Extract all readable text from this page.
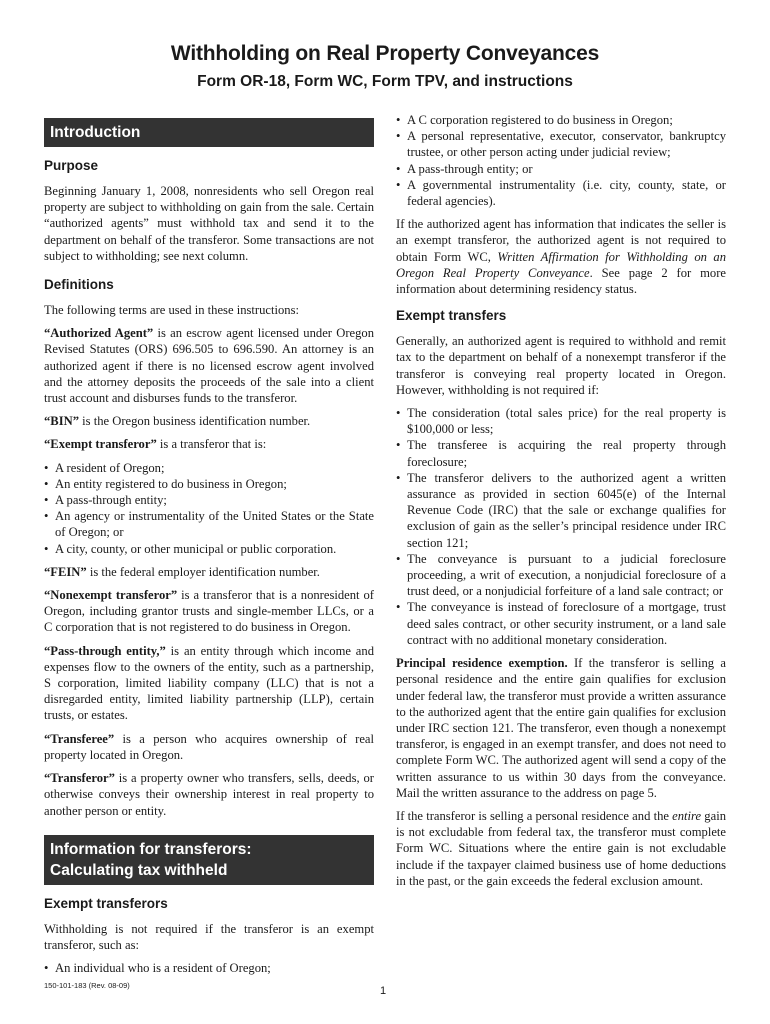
Withholding on Real Property Conveyances
Form OR-18, Form WC, Form TPV, and instructions
Introduction
Purpose

Beginning January 1, 2008, nonresidents who sell Oregon real property are subject to withholding on gain from the sale. Certain “authorized agents” must withhold tax and send it to the department on behalf of the transferor. Some transactions are not subject to withholding; see next column.

Definitions

The following terms are used in these instructions:

“Authorized Agent” is an escrow agent licensed under Oregon Revised Statutes (ORS) 696.505 to 696.590. An attorney is an authorized agent if there is no licensed escrow agent involved and the attorney deposits the proceeds of the sale into a client trust account and disburses funds to the transferor.

“BIN” is the Oregon business identification number.

“Exempt transferor” is a transferor that is:

• A resident of Oregon;
• An entity registered to do business in Oregon;
• A pass-through entity;
• An agency or instrumentality of the United States or the State of Oregon; or
• A city, county, or other municipal or public corporation.

“FEIN” is the federal employer identification number.

“Nonexempt transferor” is a transferor that is a nonresident of Oregon, including grantor trusts and single-member LLCs, or a C corporation that is not registered to do business in Oregon.

“Pass-through entity,” is an entity through which income and expenses flow to the owners of the entity, such as a partnership, S corporation, limited liability company (LLC) that is not a disregarded entity, limited liability partnership (LLP), certain trusts, or estates.

“Transferee” is a person who acquires ownership of real property located in Oregon.

“Transferor” is a property owner who transfers, sells, deeds, or otherwise conveys their ownership interest in real property to another person or entity.

Information for transferors:
Calculating tax withheld
Exempt transferors

Withholding is not required if the transferor is an exempt transferor, such as:

• An individual who is a resident of Oregon;
• A C corporation registered to do business in Oregon;
• A personal representative, executor, conservator, bankruptcy trustee, or other person acting under judicial review;
• A pass-through entity; or
• A governmental instrumentality (i.e. city, county, state, or federal agencies).

If the authorized agent has information that indicates the seller is an exempt transferor, the authorized agent is not required to obtain Form WC, Written Affirmation for Withholding on an Oregon Real Property Conveyance. See page 2 for more information about determining residency status.

Exempt transfers

Generally, an authorized agent is required to withhold and remit tax to the department on behalf of a nonexempt transferor if the transferor is conveying real property located in Oregon. However, withholding is not required if:

• The consideration (total sales price) for the real property is $100,000 or less;
• The transferee is acquiring the real property through foreclosure;
• The transferor delivers to the authorized agent a written assurance as provided in section 6045(e) of the Internal Revenue Code (IRC) that the sale or exchange qualifies for exclusion of gain as the seller’s principal residence under IRC section 121;
• The conveyance is pursuant to a judicial foreclosure proceeding, a writ of execution, a nonjudicial foreclosure of a trust deed, or a nonjudicial forfeiture of a land sale contract; or
• The conveyance is instead of foreclosure of a mortgage, trust deed sales contract, or other security instrument, or a land sale contract with no additional monetary consideration.

Principal residence exemption. If the transferor is selling a personal residence and the entire gain qualifies for exclusion under federal law, the transferor must provide a written assurance to the authorized agent that the entire gain qualifies for exclusion under IRC section 121. The transferor, even though a nonexempt transferor, is engaged in an exempt transfer, and does not need to complete Form WC. The authorized agent will send a copy of the written assurance to us within 30 days from the conveyance. Mail the written assurance to the address on page 5.

If the transferor is selling a personal residence and the entire gain is not excludable from federal tax, the transferor must complete Form WC. Situations where the entire gain is not excludable include if the taxpayer claimed business use of home deductions in the past, or the gain exceeds the federal exclusion amount.

150-101-183 (Rev. 08-09)	1
